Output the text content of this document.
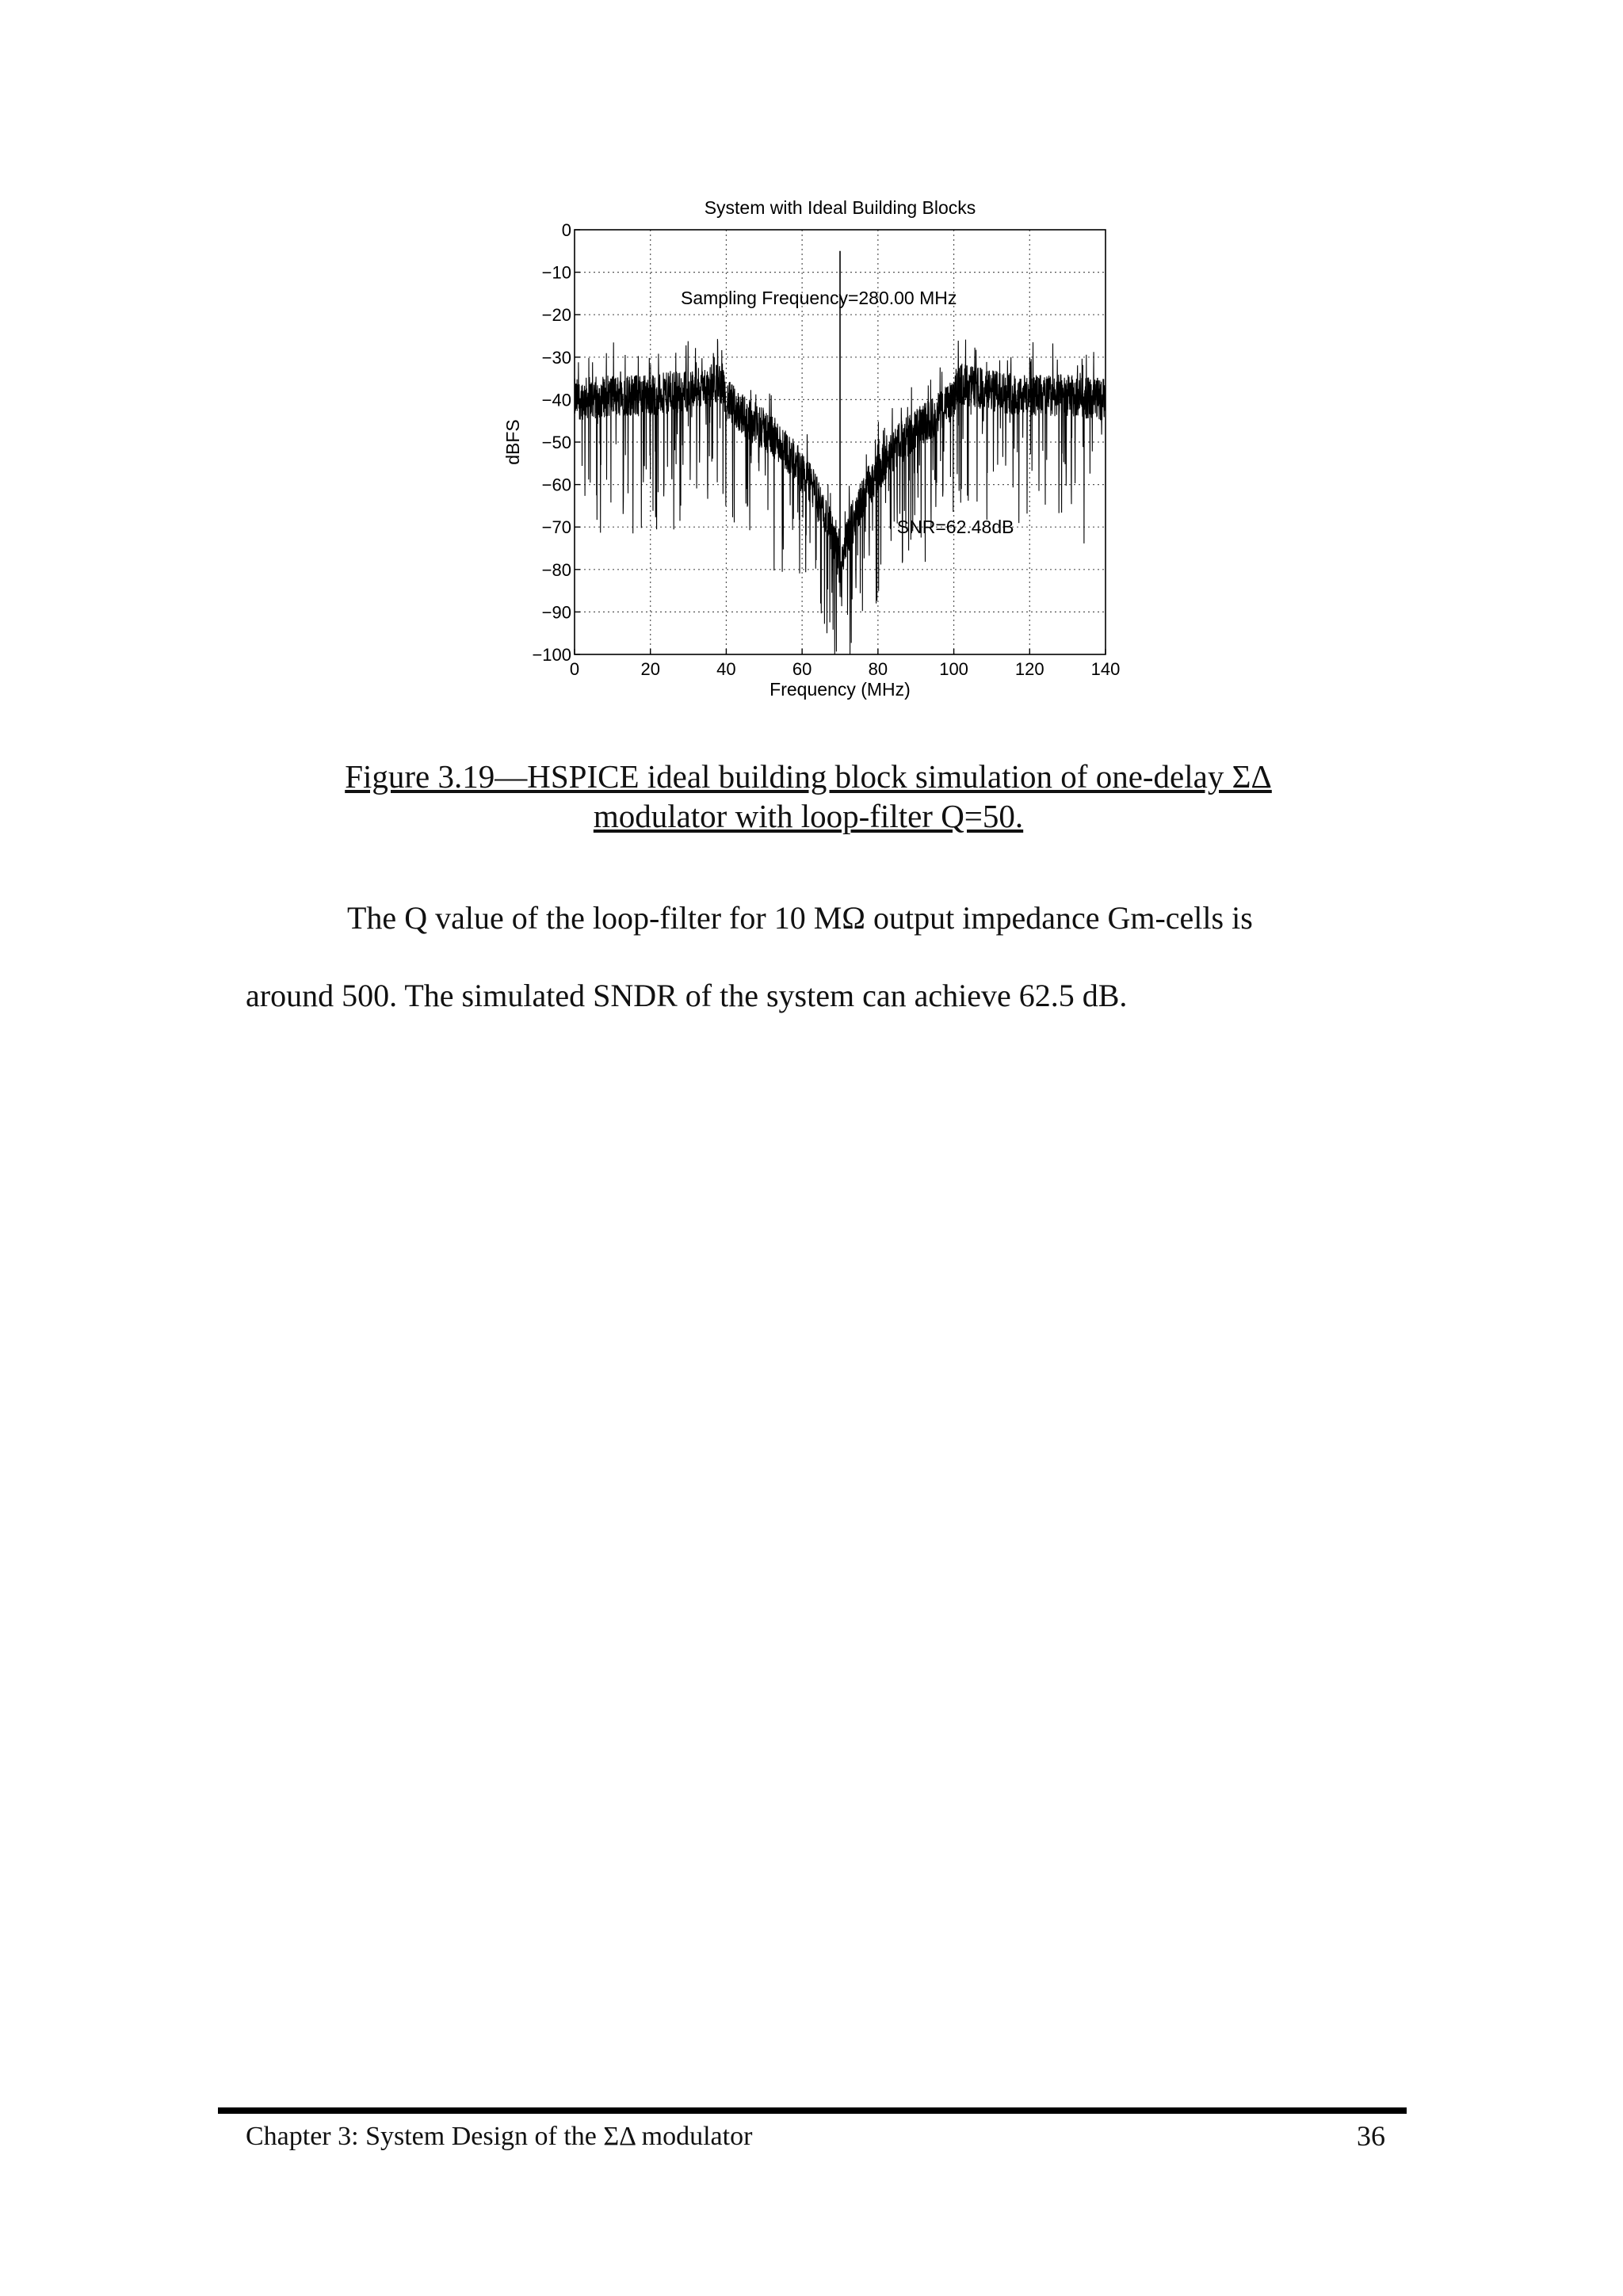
0	20	40	60	80	100	120	140
0
−10
−20
−30
−40
−50
−60
−70
−80
−90
−100
System with Ideal Building Blocks
Frequency (MHz)
dBFS
Sampling Frequency=280.00 MHz
SNR=62.48dB
Figure 3.19—HSPICE ideal building block simulation of one-delay ΣΔ
modulator with loop-filter Q=50.
The Q value of the loop-filter for 10 MΩ output impedance Gm-cells is
around 500. The simulated SNDR of the system can achieve 62.5 dB.
Chapter 3: System Design of the ΣΔ modulator	36
